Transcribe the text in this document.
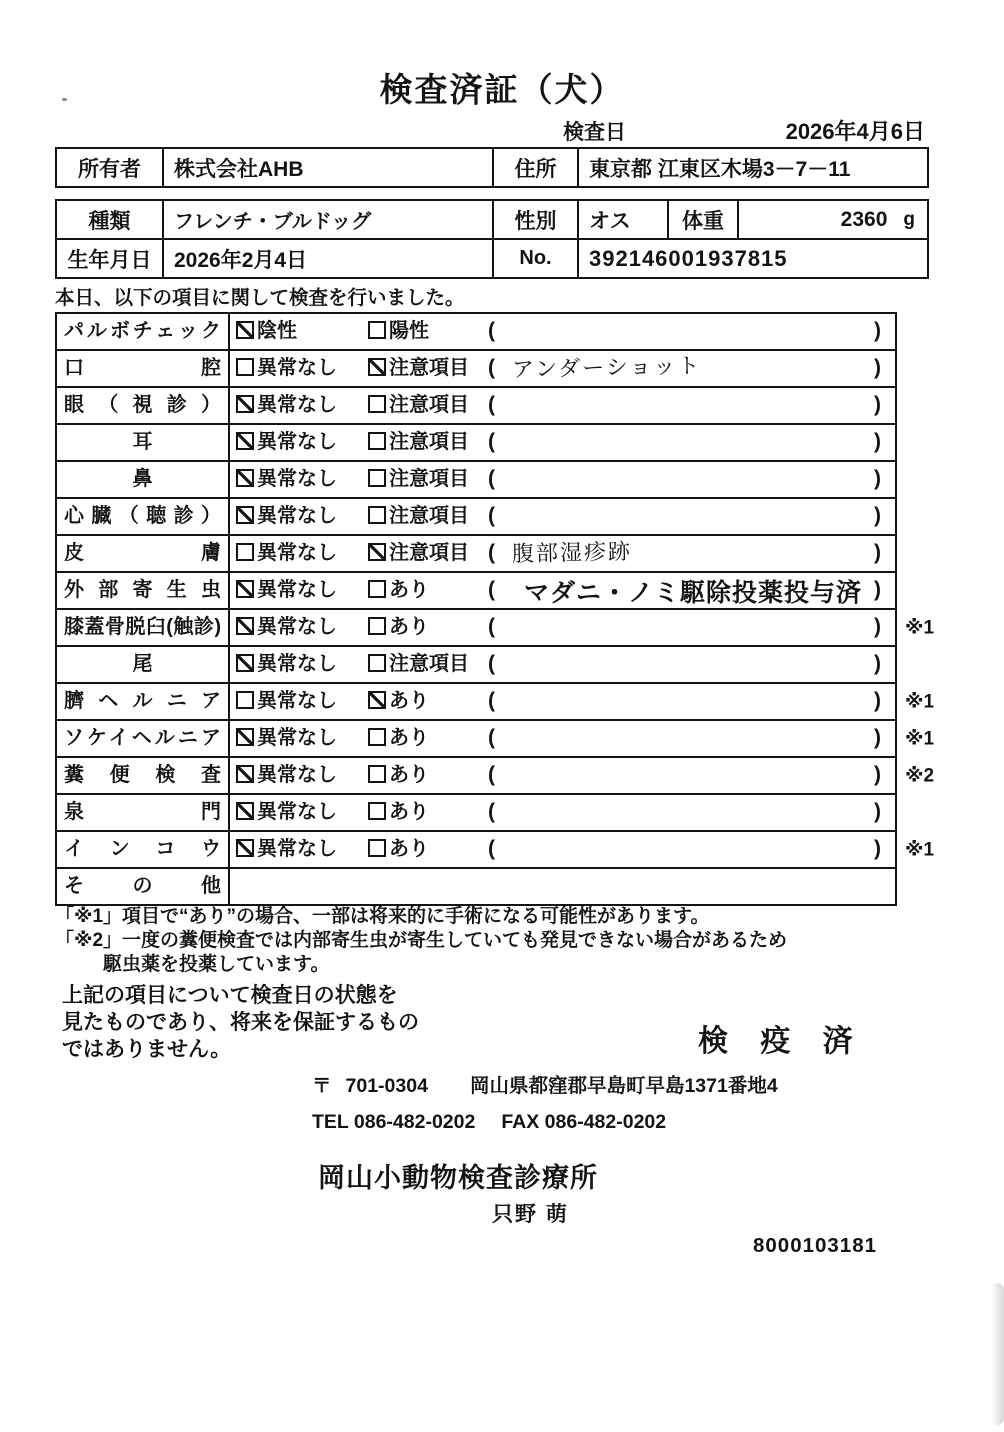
検査済証（犬）
検査日	2026年4月6日
所有者	株式会社AHB	住所	東京都 江東区木場3－7－11
種類	フレンチ・ブルドッグ	性別	オス	体重	2360 g
生年月日	2026年2月4日	No.	392146001937815
本日、以下の項目に関して検査を行いました。
パルボチェック	陰性	陽性	(	)
口腔	異常なし	注意項目 ( アンダーショット	)
眼（視診）	異常なし	注意項目 (	)
耳	異常なし	注意項目 (	)
鼻	異常なし	注意項目 (	)
心臓（聴診）	異常なし	注意項目 (	)
皮膚	異常なし	注意項目 ( 腹部湿疹跡	)
外部寄生虫	異常なし	あり	( マダニ・ノミ駆除投薬投与済 )
膝蓋骨脱臼(触診)	異常なし	あり	(	) ※1
尾	異常なし	注意項目 (	)
臍ヘルニア	異常なし	あり	(	) ※1
ソケイヘルニア	異常なし	あり	(	) ※1
糞便検査	異常なし	あり	(	) ※2
泉門	異常なし	あり	(	)
インコウ	異常なし	あり	(	) ※1
その他
「※1」項目で“あり”の場合、一部は将来的に手術になる可能性があります。
「※2」一度の糞便検査では内部寄生虫が寄生していても発見できない場合があるため
駆虫薬を投薬しています。
上記の項目について検査日の状態を
見たものであり、将来を保証するもの
ではありません。	検 疫 済
〒 701-0304 岡山県都窪郡早島町早島1371番地4
TEL 086-482-0202 FAX 086-482-0202
岡山小動物検査診療所
只野 萌
8000103181
